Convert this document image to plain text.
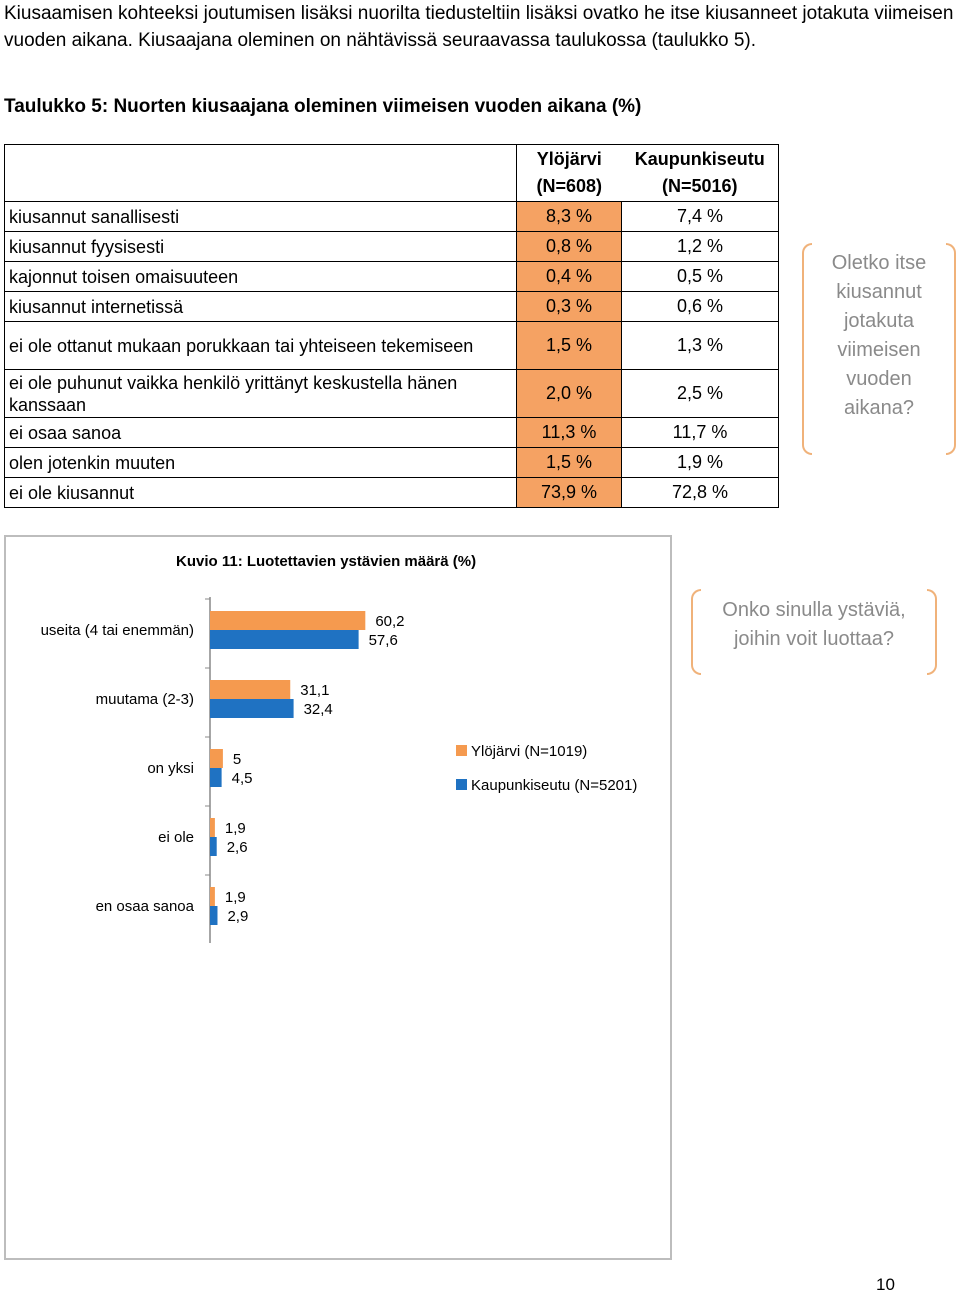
Kiusaamisen kohteeksi joutumisen lisäksi nuorilta tiedusteltiin lisäksi ovatko he itse kiusanneet jotakuta viimeisen vuoden aikana. Kiusaajana oleminen on nähtävissä seuraavassa taulukossa (taulukko 5).

Taulukko 5: Nuorten kiusaajana oleminen viimeisen vuoden aikana (%)

	Ylöjärvi (N=608)	Kaupunkiseutu (N=5016)
kiusannut sanallisesti	8,3 %	7,4 %
kiusannut fyysisesti	0,8 %	1,2 %
kajonnut toisen omaisuuteen	0,4 %	0,5 %
kiusannut internetissä	0,3 %	0,6 %
ei ole ottanut mukaan porukkaan tai yhteiseen tekemiseen	1,5 %	1,3 %
ei ole puhunut vaikka henkilö yrittänyt keskustella hänen kanssaan	2,0 %	2,5 %
ei osaa sanoa	11,3 %	11,7 %
olen jotenkin muuten	1,5 %	1,9 %
ei ole kiusannut	73,9 %	72,8 %
Oletko itse kiusannut jotakuta viimeisen vuoden aikana?
Kuvio 11: Luotettavien ystävien määrä (%)
useita (4 tai enemmän)
60,2
57,6
muutama (2-3)
31,1
32,4
on yksi
5
4,5
ei ole
1,9
2,6
en osaa sanoa
1,9
2,9
Ylöjärvi (N=1019)
Kaupunkiseutu (N=5201)
Onko sinulla ystäviä, joihin voit luottaa?
10
